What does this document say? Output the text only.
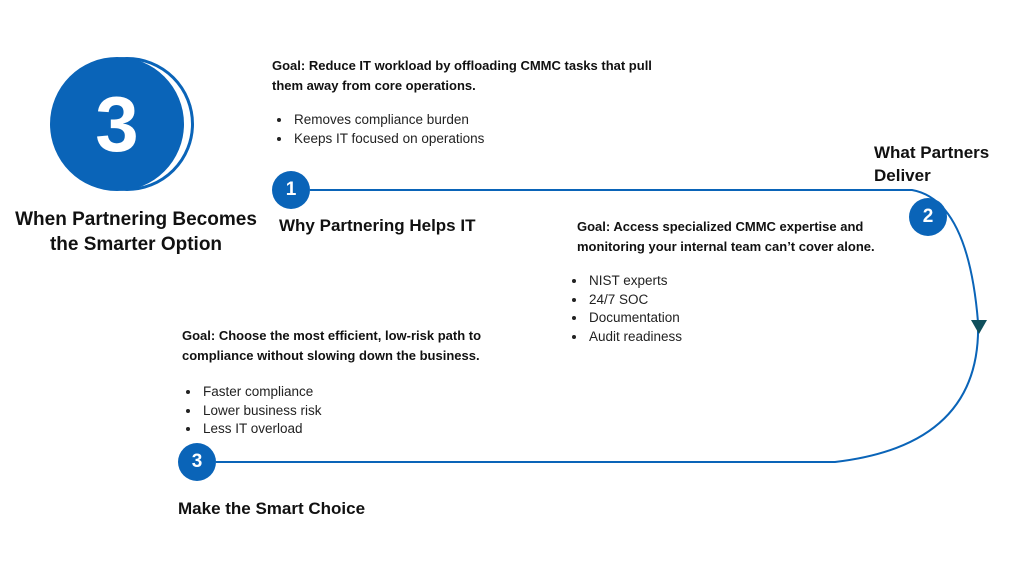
3
When Partnering Becomes
the Smarter Option

Goal: Reduce IT workload by offloading CMMC tasks that pull
them away from core operations.

• Removes compliance burden
• Keeps IT focused on operations
1
Why Partnering Helps IT
What Partners
Deliver
2

Goal: Access specialized CMMC expertise and
monitoring your internal team can’t cover alone.

• NIST experts
• 24/7 SOC
• Documentation
• Audit readiness

Goal: Choose the most efficient, low-risk path to
compliance without slowing down the business.

• Faster compliance
• Lower business risk
• Less IT overload
3
Make the Smart Choice
